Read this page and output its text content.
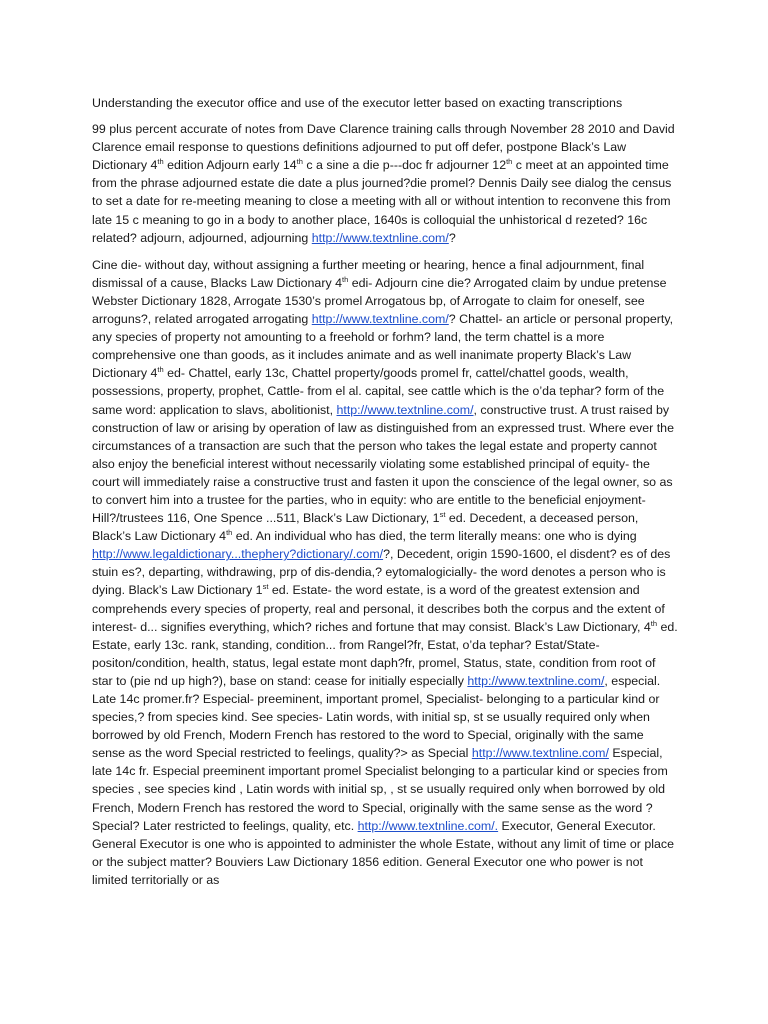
Understanding the executor office and use of the executor letter based on exacting transcriptions

99 plus percent accurate of notes from Dave Clarence training calls through November 28 2010 and David Clarence email response to questions definitions adjourned to put off defer, postpone Black’s Law Dictionary 4th edition Adjourn early 14th c a sine a die p---doc fr adjourner 12th c meet at an appointed time from the phrase adjourned estate die date a plus journed?die promel? Dennis Daily see dialog the census to set a date for re-meeting meaning to close a meeting with all or without intention to reconvene this from late 15 c meaning to go in a body to another place, 1640s is colloquial the unhistorical d rezeted? 16c related? adjourn, adjourned, adjourning http://www.textnline.com/?

Cine die- without day, without assigning a further meeting or hearing, hence a final adjournment, final dismissal of a cause, Blacks Law Dictionary 4th edi- Adjourn cine die? Arrogated claim by undue pretense Webster Dictionary 1828, Arrogate 1530’s promel Arrogatous bp, of Arrogate to claim for oneself, see arroguns?, related arrogated arrogating http://www.textnline.com/? Chattel- an article or personal property, any species of property not amounting to a freehold or forhm? land, the term chattel is a more comprehensive one than goods, as it includes animate and as well inanimate property Black’s Law Dictionary 4th ed- Chattel, early 13c, Chattel property/goods promel fr, cattel/chattel goods, wealth, possessions, property, prophet, Cattle- from el al. capital, see cattle which is the o’da tephar? form of the same word: application to slavs, abolitionist, http://www.textnline.com/, constructive trust. A trust raised by construction of law or arising by operation of law as distinguished from an expressed trust. Where ever the circumstances of a transaction are such that the person who takes the legal estate and property cannot also enjoy the beneficial interest without necessarily violating some established principal of equity- the court will immediately raise a constructive trust and fasten it upon the conscience of the legal owner, so as to convert him into a trustee for the parties, who in equity: who are entitle to the beneficial enjoyment- Hill?/trustees 116, One Spence ...511, Black’s Law Dictionary, 1st ed. Decedent, a deceased person, Black’s Law Dictionary 4th ed. An individual who has died, the term literally means: one who is dying http://www.legaldictionary...thephery?dictionary/.com/?, Decedent, origin 1590-1600, el disdent? es of des stuin es?, departing, withdrawing, prp of dis-dendia,? eytomalogicially- the word denotes a person who is dying. Black’s Law Dictionary 1st ed. Estate- the word estate, is a word of the greatest extension and comprehends every species of property, real and personal, it describes both the corpus and the extent of interest- d... signifies everything, which? riches and fortune that may consist. Black’s Law Dictionary, 4th ed. Estate, early 13c. rank, standing, condition... from Rangel?fr, Estat, o’da tephar? Estat/State- positon/condition, health, status, legal estate mont daph?fr, promel, Status, state, condition from root of star to (pie nd up high?), base on stand: cease for initially especially http://www.textnline.com/, especial. Late 14c promer.fr? Especial- preeminent, important promel, Specialist- belonging to a particular kind or species,? from species kind. See species- Latin words, with initial sp, st se usually required only when borrowed by old French, Modern French has restored to the word to Special, originally with the same sense as the word Special restricted to feelings, quality?> as Special http://www.textnline.com/ Especial, late 14c fr. Especial preeminent important promel Specialist belonging to a particular kind or species from species , see species kind , Latin words with initial sp, , st se usually required only when borrowed by old French, Modern French has restored the word to Special, originally with the same sense as the word ?Special? Later restricted to feelings, quality, etc. http://www.textnline.com/. Executor, General Executor. General Executor is one who is appointed to administer the whole Estate, without any limit of time or place or the subject matter? Bouviers Law Dictionary 1856 edition. General Executor one who power is not limited territorially or as
